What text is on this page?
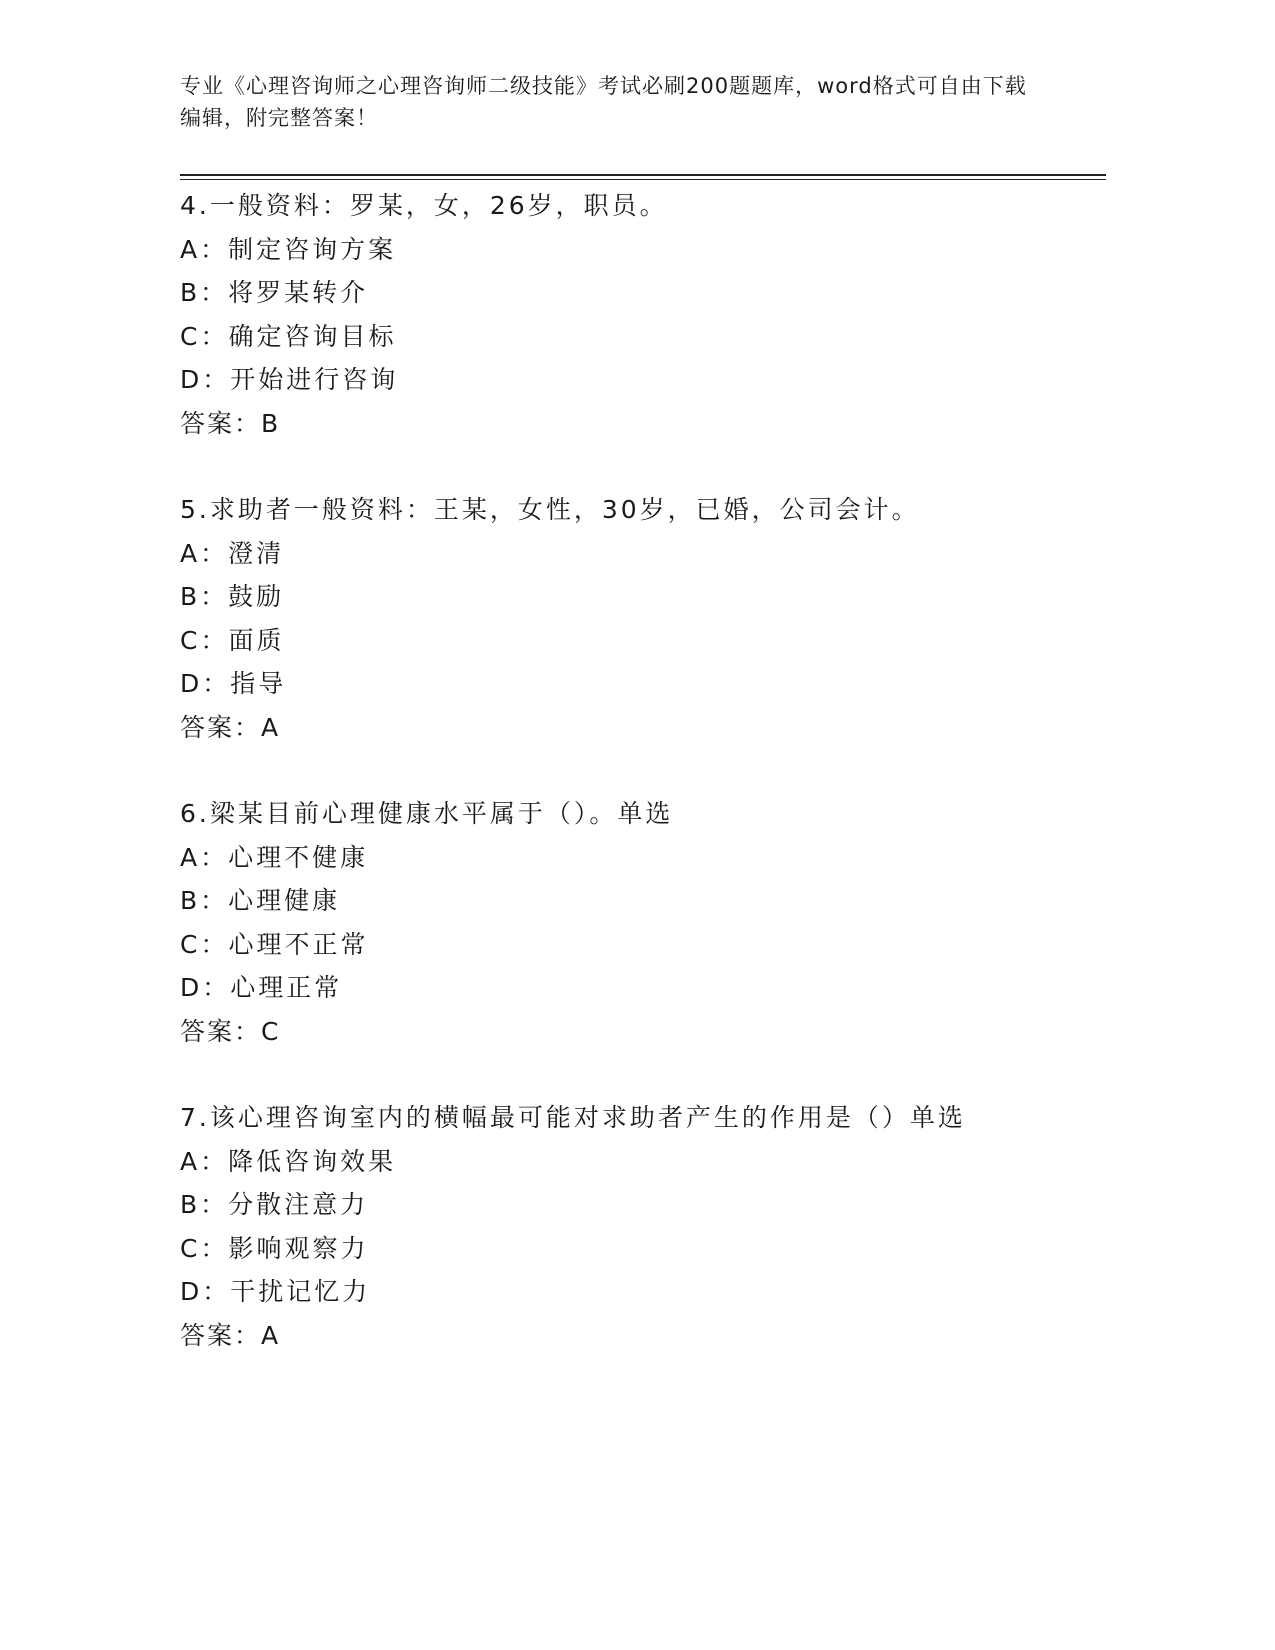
专业《心理咨询师之心理咨询师二级技能》考试必刷200题题库，word格式可自由下载编辑，附完整答案！
4.一般资料：罗某，女，26岁，职员。
A：制定咨询方案
B：将罗某转介
C：确定咨询目标
D：开始进行咨询
答案：B
5.求助者一般资料：王某，女性，30岁，已婚，公司会计。
A：澄清
B：鼓励
C：面质
D：指导
答案：A
6.梁某目前心理健康水平属于（）。单选
A：心理不健康
B：心理健康
C：心理不正常
D：心理正常
答案：C
7.该心理咨询室内的横幅最可能对求助者产生的作用是（）单选
A：降低咨询效果
B：分散注意力
C：影响观察力
D：干扰记忆力
答案：A
